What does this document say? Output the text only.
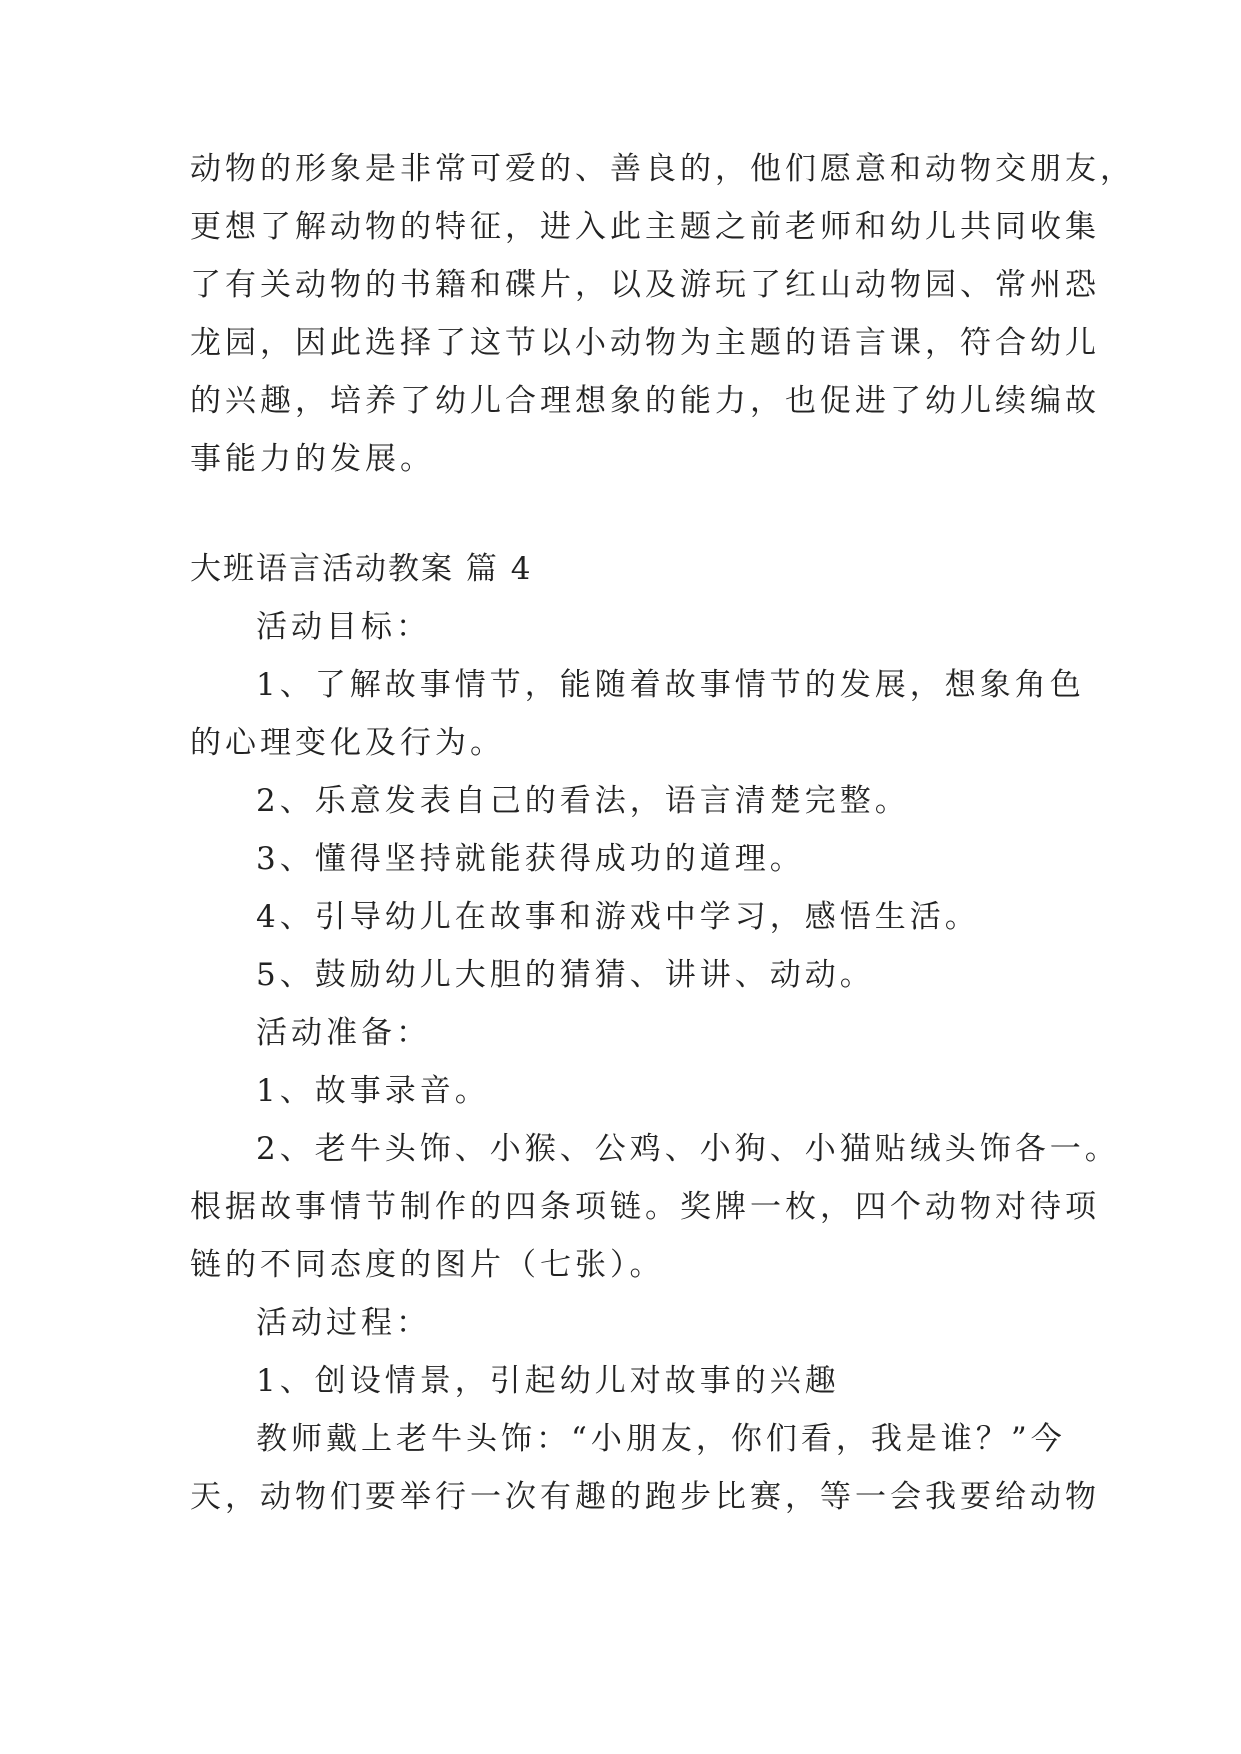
动物的形象是非常可爱的、善良的，他们愿意和动物交朋友，
更想了解动物的特征，进入此主题之前老师和幼儿共同收集
了有关动物的书籍和碟片，以及游玩了红山动物园、常州恐
龙园，因此选择了这节以小动物为主题的语言课，符合幼儿
的兴趣，培养了幼儿合理想象的能力，也促进了幼儿续编故
事能力的发展。
大班语言活动教案 篇 4
活动目标：
1、了解故事情节，能随着故事情节的发展，想象角色
的心理变化及行为。
2、乐意发表自己的看法，语言清楚完整。
3、懂得坚持就能获得成功的道理。
4、引导幼儿在故事和游戏中学习，感悟生活。
5、鼓励幼儿大胆的猜猜、讲讲、动动。
活动准备：
1、故事录音。
2、老牛头饰、小猴、公鸡、小狗、小猫贴绒头饰各一。
根据故事情节制作的四条项链。奖牌一枚，四个动物对待项
链的不同态度的图片（七张）。
活动过程：
1、创设情景，引起幼儿对故事的兴趣
教师戴上老牛头饰：“小朋友，你们看，我是谁？”今
天，动物们要举行一次有趣的跑步比赛，等一会我要给动物
